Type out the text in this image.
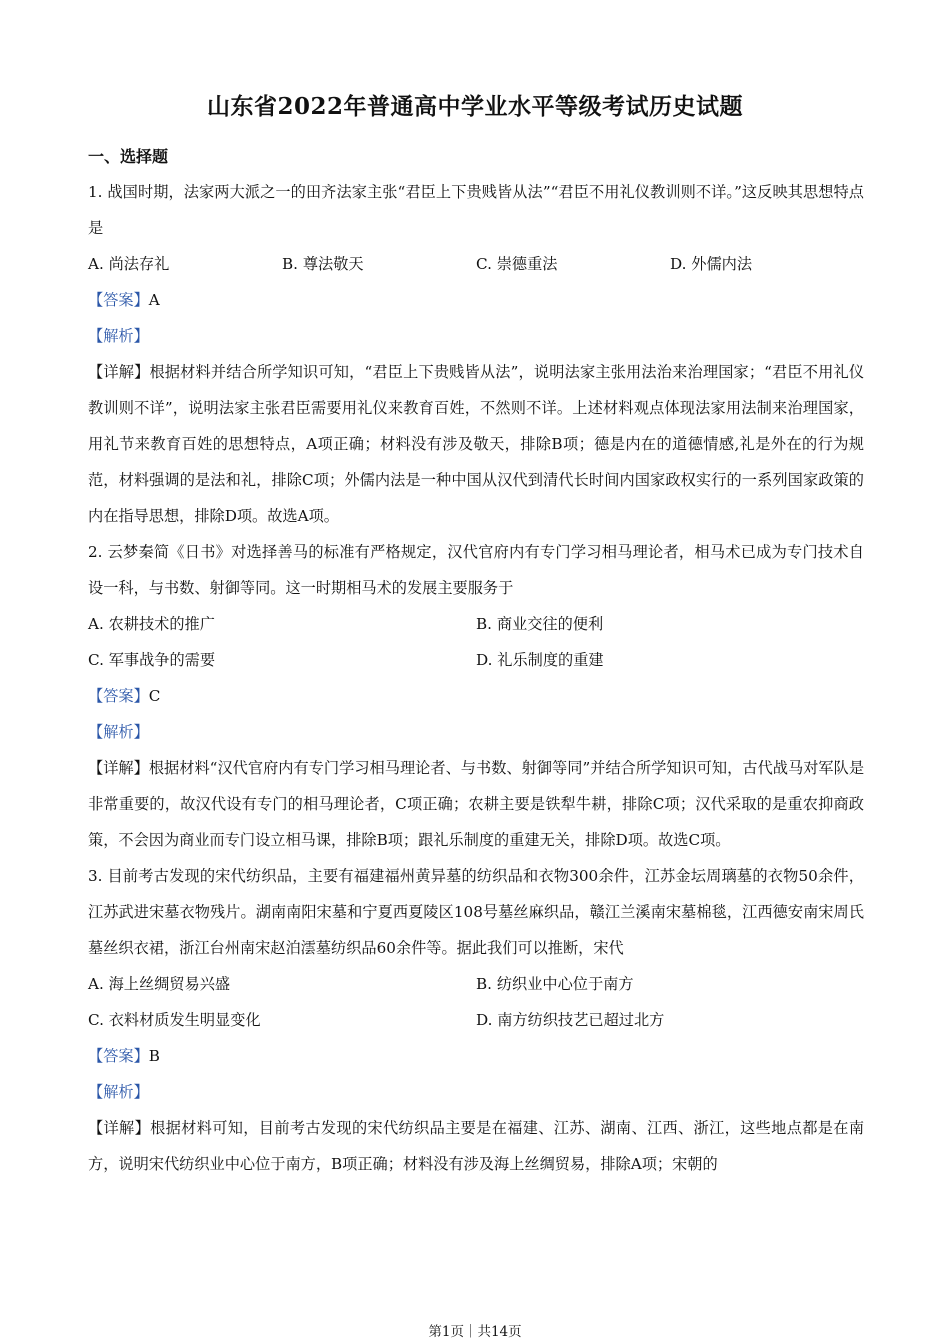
山东省2022年普通高中学业水平等级考试历史试题
一、选择题
1. 战国时期，法家两大派之一的田齐法家主张“君臣上下贵贱皆从法”“君臣不用礼仪教训则不详。”这反映其思想特点是
A. 尚法存礼	B. 尊法敬天	C. 崇德重法	D. 外儒内法
【答案】A
【解析】
【详解】根据材料并结合所学知识可知，“君臣上下贵贱皆从法”，说明法家主张用法治来治理国家；“君臣不用礼仪教训则不详”，说明法家主张君臣需要用礼仪来教育百姓，不然则不详。上述材料观点体现法家用法制来治理国家，用礼节来教育百姓的思想特点，A项正确；材料没有涉及敬天，排除B项；德是内在的道德情感,礼是外在的行为规范，材料强调的是法和礼，排除C项；外儒内法是一种中国从汉代到清代长时间内国家政权实行的一系列国家政策的内在指导思想，排除D项。故选A项。
2. 云梦秦简《日书》对选择善马的标准有严格规定，汉代官府内有专门学习相马理论者，相马术已成为专门技术自设一科，与书数、射御等同。这一时期相马术的发展主要服务于
A. 农耕技术的推广	B. 商业交往的便利
C. 军事战争的需要	D. 礼乐制度的重建
【答案】C
【解析】
【详解】根据材料“汉代官府内有专门学习相马理论者、与书数、射御等同”并结合所学知识可知，古代战马对军队是非常重要的，故汉代设有专门的相马理论者，C项正确；农耕主要是铁犁牛耕，排除C项；汉代采取的是重农抑商政策，不会因为商业而专门设立相马课，排除B项；跟礼乐制度的重建无关，排除D项。故选C项。
3. 目前考古发现的宋代纺织品，主要有福建福州黄异墓的纺织品和衣物300余件，江苏金坛周璃墓的衣物50余件，江苏武进宋墓衣物残片。湖南南阳宋墓和宁夏西夏陵区108号墓丝麻织品，赣江兰溪南宋墓棉毯，江西德安南宋周氏墓丝织衣裙，浙江台州南宋赵泊澐墓纺织品60余件等。据此我们可以推断，宋代
A. 海上丝绸贸易兴盛	B. 纺织业中心位于南方
C. 衣料材质发生明显变化	D. 南方纺织技艺已超过北方
【答案】B
【解析】
【详解】根据材料可知，目前考古发现的宋代纺织品主要是在福建、江苏、湖南、江西、浙江，这些地点都是在南方，说明宋代纺织业中心位于南方，B项正确；材料没有涉及海上丝绸贸易，排除A项；宋朝的
第1页｜共14页
